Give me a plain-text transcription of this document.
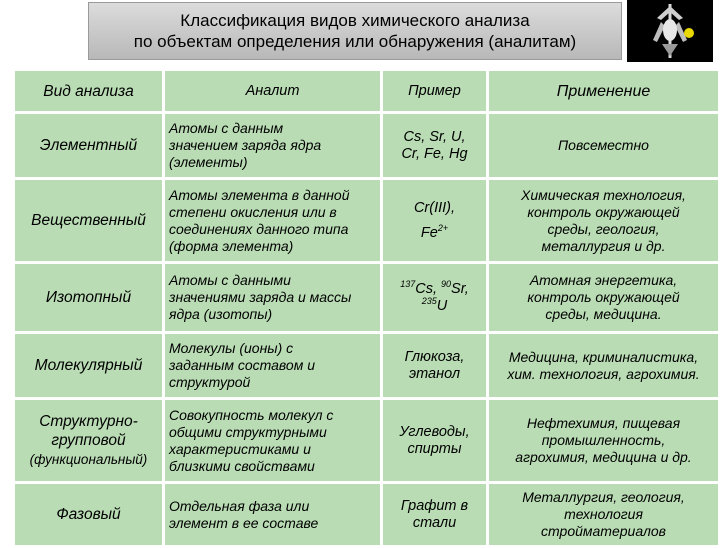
Классификация видов химического анализа
по объектам определения или обнаружения (аналитам)
Вид анализа	Аналит	Пример	Применение

Элементный	Атомы с данным
значением заряда ядра
(элементы)	Cs, Sr, U,
Cr, Fe, Hg	Повсеместно

Вещественный	Атомы элемента в данной
степени окисления или в
соединениях данного типа
(форма элемента)	Cr(III),
$Fe^{2+}$	Химическая технология,
контроль окружающей
среды, геология,
металлургия и др.

Изотопный	Атомы с данными
значениями заряда и массы
ядра (изотопы)	$^{137}$Cs, $^{90}$Sr,
$^{235}$U	Атомная энергетика,
контроль окружающей
среды, медицина.

Молекулярный	Молекулы (ионы) с
заданным составом и
структурой	Глюкоза,
этанол	Медицина, криминалистика,
хим. технология, агрохимия.

Структурно-
групповой
(функциональный)	Совокупность молекул с
общими структурными
характеристиками и
близкими свойствами	Углеводы,
спирты	Нефтехимия, пищевая
промышленность,
агрохимия, медицина и др.

Фазовый	Отдельная фаза или
элемент в ее составе	Графит в
стали	Металлургия, геология,
технология
стройматериалов
